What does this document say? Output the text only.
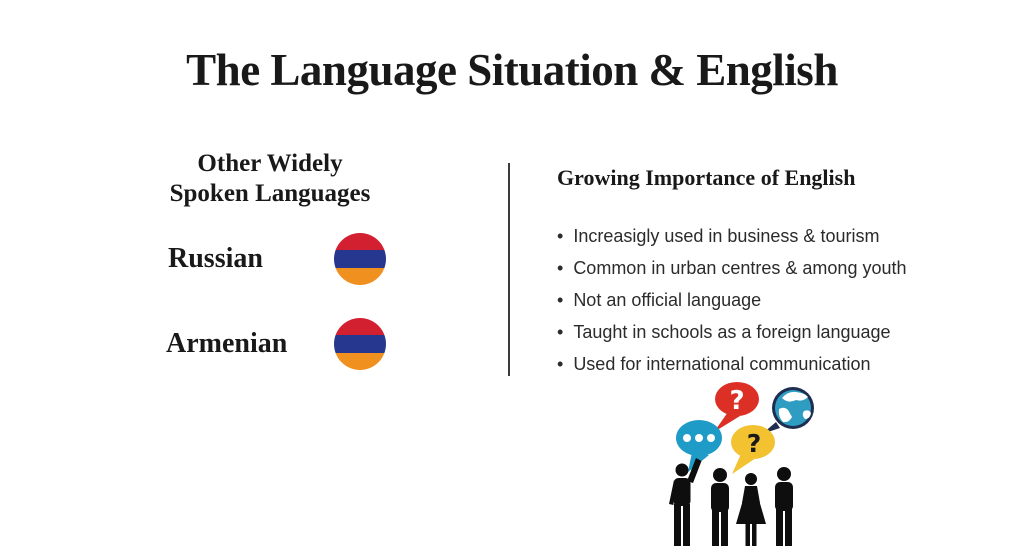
The Language Situation & English
Other Widely
Spoken Languages
Russian
Armenian
Growing Importance of English
• Increasigly used in business & tourism
• Common in urban centres & among youth
• Not an official language
• Taught in schools as a foreign language
• Used for international communication
?
?
